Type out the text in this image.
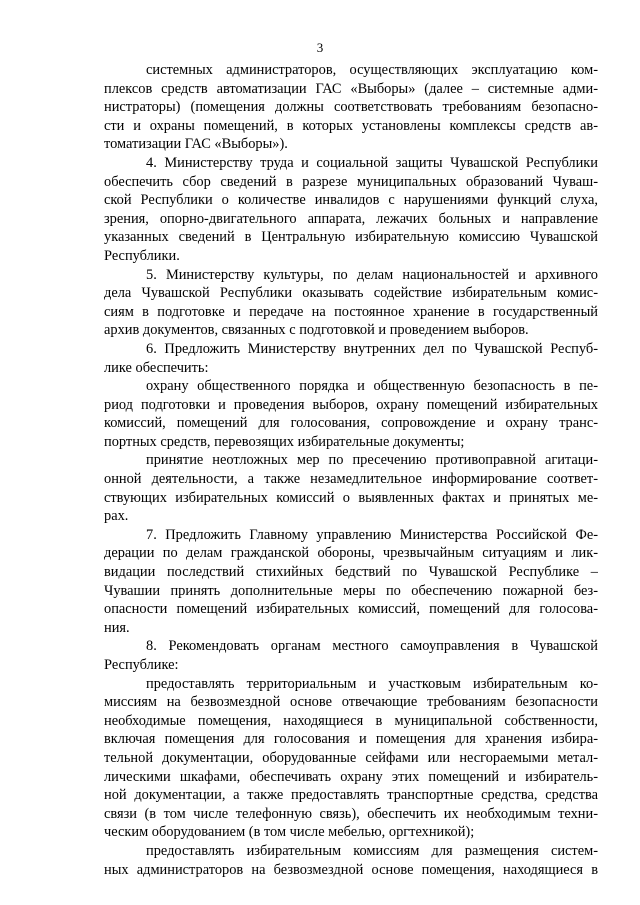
3
системных администраторов, осуществляющих эксплуатацию ком-
плексов средств автоматизации ГАС «Выборы» (далее – системные адми-
нистраторы) (помещения должны соответствовать требованиям безопасно-
сти и охраны помещений, в которых установлены комплексы средств ав-
томатизации ГАС «Выборы»).
4. Министерству труда и социальной защиты Чувашской Республики
обеспечить сбор сведений в разрезе муниципальных образований Чуваш-
ской Республики о количестве инвалидов с нарушениями функций слуха,
зрения, опорно-двигательного аппарата, лежачих больных и направление
указанных сведений в Центральную избирательную комиссию Чувашской
Республики.
5. Министерству культуры, по делам национальностей и архивного
дела Чувашской Республики оказывать содействие избирательным комис-
сиям в подготовке и передаче на постоянное хранение в государственный
архив документов, связанных с подготовкой и проведением выборов.
6. Предложить Министерству внутренних дел по Чувашской Респуб-
лике обеспечить:
охрану общественного порядка и общественную безопасность в пе-
риод подготовки и проведения выборов, охрану помещений избирательных
комиссий, помещений для голосования, сопровождение и охрану транс-
портных средств, перевозящих избирательные документы;
принятие неотложных мер по пресечению противоправной агитаци-
онной деятельности, а также незамедлительное информирование соответ-
ствующих избирательных комиссий о выявленных фактах и принятых ме-
рах.
7. Предложить Главному управлению Министерства Российской Фе-
дерации по делам гражданской обороны, чрезвычайным ситуациям и лик-
видации последствий стихийных бедствий по Чувашской Республике –
Чувашии принять дополнительные меры по обеспечению пожарной без-
опасности помещений избирательных комиссий, помещений для голосова-
ния.
8. Рекомендовать органам местного самоуправления в Чувашской
Республике:
предоставлять территориальным и участковым избирательным ко-
миссиям на безвозмездной основе отвечающие требованиям безопасности
необходимые помещения, находящиеся в муниципальной собственности,
включая помещения для голосования и помещения для хранения избира-
тельной документации, оборудованные сейфами или несгораемыми метал-
лическими шкафами, обеспечивать охрану этих помещений и избиратель-
ной документации, а также предоставлять транспортные средства, средства
связи (в том числе телефонную связь), обеспечить их необходимым техни-
ческим оборудованием (в том числе мебелью, оргтехникой);
предоставлять избирательным комиссиям для размещения систем-
ных администраторов на безвозмездной основе помещения, находящиеся в
